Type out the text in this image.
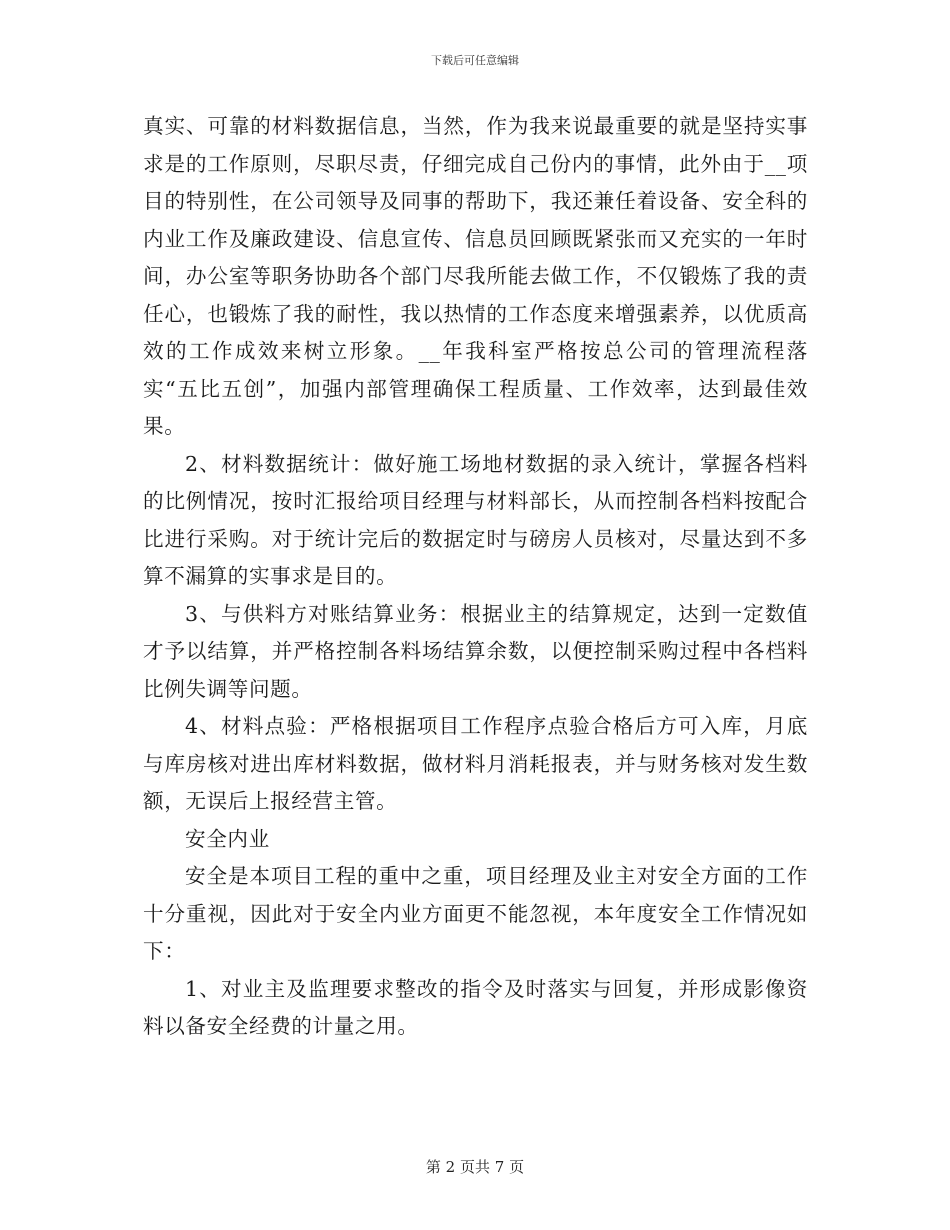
下载后可任意编辑

真实、可靠的材料数据信息，当然，作为我来说最重要的就是坚持实事求是的工作原则，尽职尽责，仔细完成自己份内的事情，此外由于__项目的特别性，在公司领导及同事的帮助下，我还兼任着设备、安全科的内业工作及廉政建设、信息宣传、信息员回顾既紧张而又充实的一年时间，办公室等职务协助各个部门尽我所能去做工作，不仅锻炼了我的责任心，也锻炼了我的耐性，我以热情的工作态度来增强素养，以优质高效的工作成效来树立形象。__年我科室严格按总公司的管理流程落实“五比五创”，加强内部管理确保工程质量、工作效率，达到最佳效果。

2、材料数据统计：做好施工场地材数据的录入统计，掌握各档料的比例情况，按时汇报给项目经理与材料部长，从而控制各档料按配合比进行采购。对于统计完后的数据定时与磅房人员核对，尽量达到不多算不漏算的实事求是目的。

3、与供料方对账结算业务：根据业主的结算规定，达到一定数值才予以结算，并严格控制各料场结算余数，以便控制采购过程中各档料比例失调等问题。

4、材料点验：严格根据项目工作程序点验合格后方可入库，月底与库房核对进出库材料数据，做材料月消耗报表，并与财务核对发生数额，无误后上报经营主管。

安全内业

安全是本项目工程的重中之重，项目经理及业主对安全方面的工作十分重视，因此对于安全内业方面更不能忽视，本年度安全工作情况如下：

1、对业主及监理要求整改的指令及时落实与回复，并形成影像资料以备安全经费的计量之用。

第 2 页共 7 页
